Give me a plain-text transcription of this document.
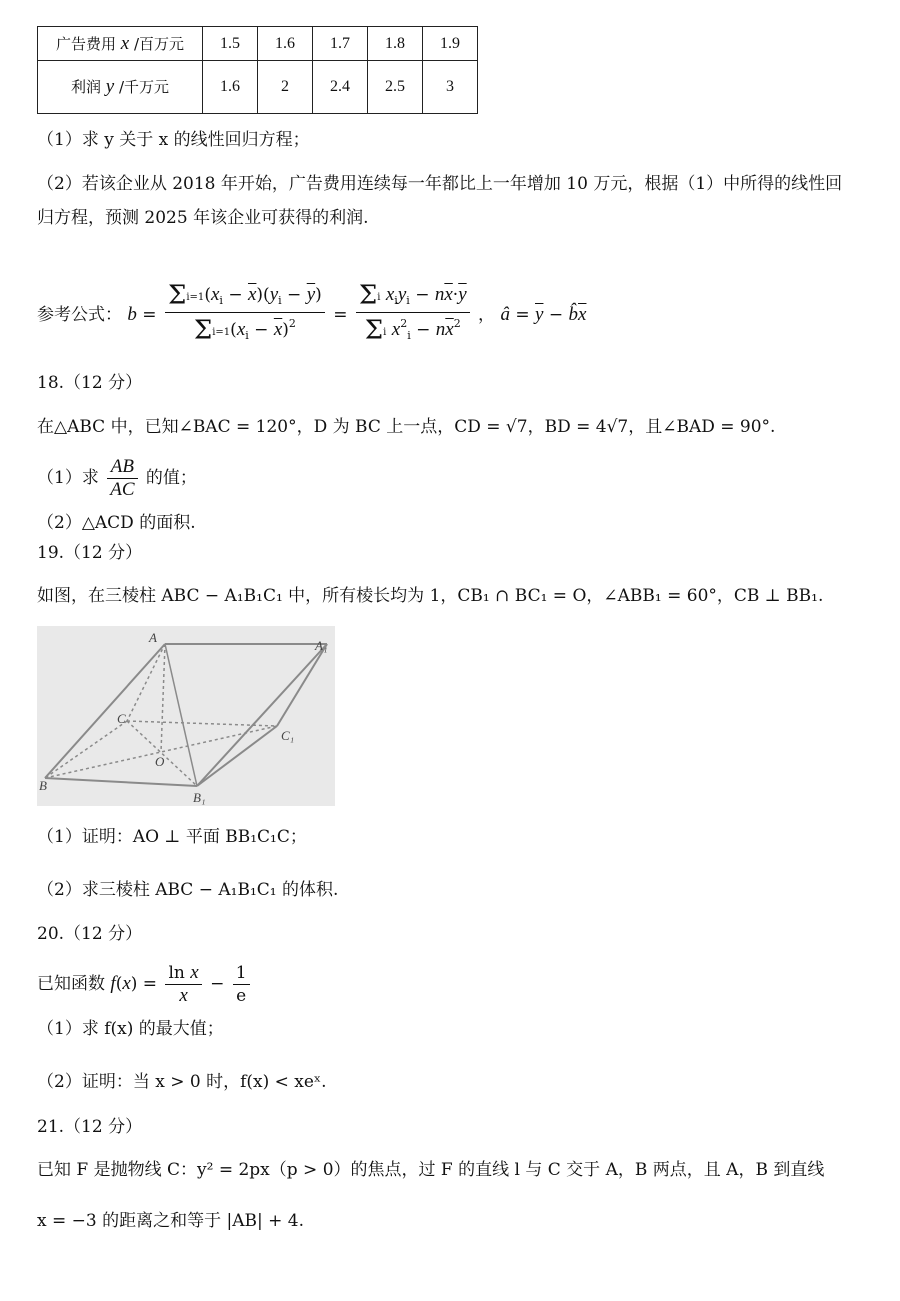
广告费用 x /百万元	1.5	1.6	1.7	1.8	1.9
利润 y /千万元	1.6	2	2.4	2.5	3
（1）求 y 关于 x 的线性回归方程；
（2）若该企业从 2018 年开始，广告费用连续每一年都比上一年增加 10 万元，根据（1）中所得的线性回
归方程，预测 2025 年该企业可获得的利润.
参考公式： $b = \frac{\Sigma i=1(x_i - \overline{x})(y_i - \overline{y})}{\Sigma i=1(x_i - \overline{x})^2} = \frac{\Sigma i x_iy_i - n\overline{x}\cdot\overline{y}}{\Sigma i x^2_i - n\overline{x}^2}$ ， â = $\overline{y}$ − $b̂\overline{x}$
18.（12 分）
在△ABC 中，已知∠BAC = 120°，D 为 BC 上一点，CD = √7，BD = 4√7，且∠BAD = 90°.
（1）求 $\frac{AB}{AC}$ 的值；
（2）△ACD 的面积.
19.（12 分）
如图，在三棱柱 ABC − A₁B₁C₁ 中，所有棱长均为 1，CB₁ ∩ BC₁ = O，∠ABB₁ = 60°，CB ⊥ BB₁.
A
A₁
C
C₁
O
B
B₁
（1）证明：AO ⊥ 平面 BB₁C₁C；
（2）求三棱柱 ABC − A₁B₁C₁ 的体积.
20.（12 分）
已知函数 $f(x) = \frac{\text{ln x}}{x} - \frac{1}{e}$
（1）求 f(x) 的最大值；
（2）证明：当 x > 0 时，f(x) < xeˣ.
21.（12 分）
已知 F 是抛物线 C：y² = 2px（p > 0）的焦点，过 F 的直线 l 与 C 交于 A，B 两点，且 A，B 到直线
x = −3 的距离之和等于 |AB| + 4.
